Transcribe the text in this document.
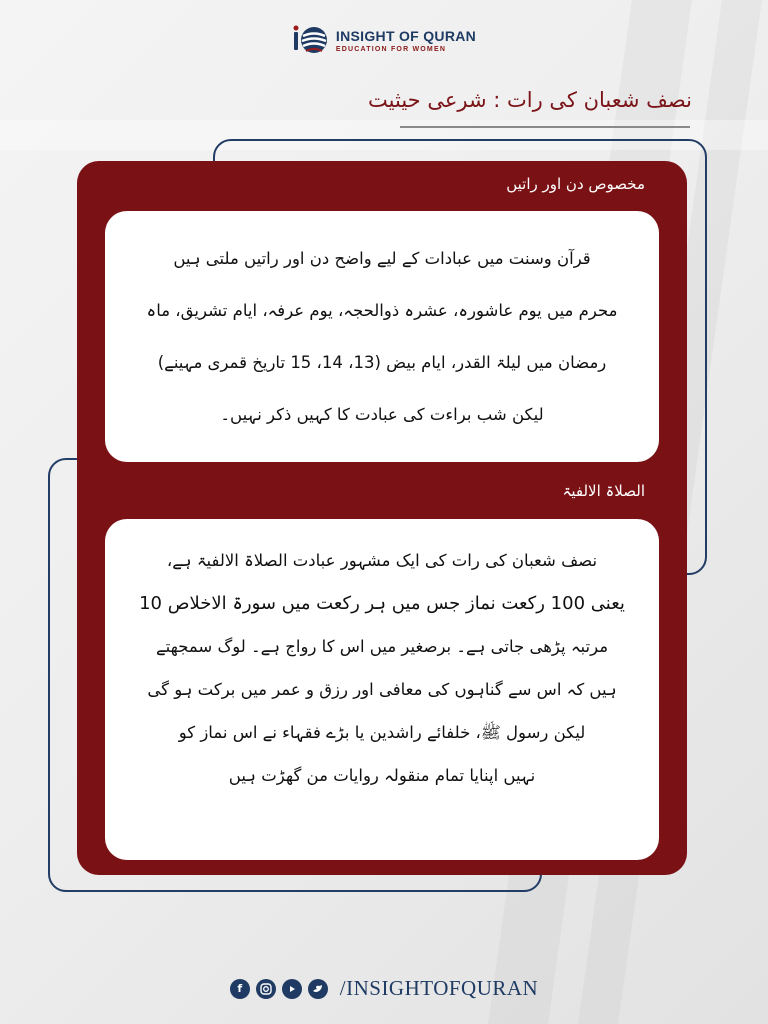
INSIGHT OF QURAN
EDUCATION FOR WOMEN
نصف شعبان کی رات : شرعی حیثیت
مخصوص دن اور راتیں
قرآن وسنت میں عبادات کے لیے واضح دن اور راتیں ملتی ہیں
محرم میں یوم عاشورہ، عشرہ ذوالحجہ، یوم عرفہ، ایام تشریق، ماہ
رمضان میں لیلۃ القدر، ایام بیض (13، 14، 15 تاریخ قمری مہینے)
لیکن شب براءت کی عبادت کا کہیں ذکر نہیں۔
الصلاۃ الالفیۃ
نصف شعبان کی رات کی ایک مشہور عبادت الصلاۃ الالفیۃ ہے،
یعنی 100 رکعت نماز جس میں ہر رکعت میں سورۃ الاخلاص 10
مرتبہ پڑھی جاتی ہے۔ برصغیر میں اس کا رواج ہے۔ لوگ سمجھتے
ہیں کہ اس سے گناہوں کی معافی اور رزق و عمر میں برکت ہو گی
لیکن رسول ﷺ، خلفائے راشدین یا بڑے فقہاء نے اس نماز کو
نہیں اپنایا تمام منقولہ روایات من گھڑت ہیں
f	/INSIGHTOFQURAN
